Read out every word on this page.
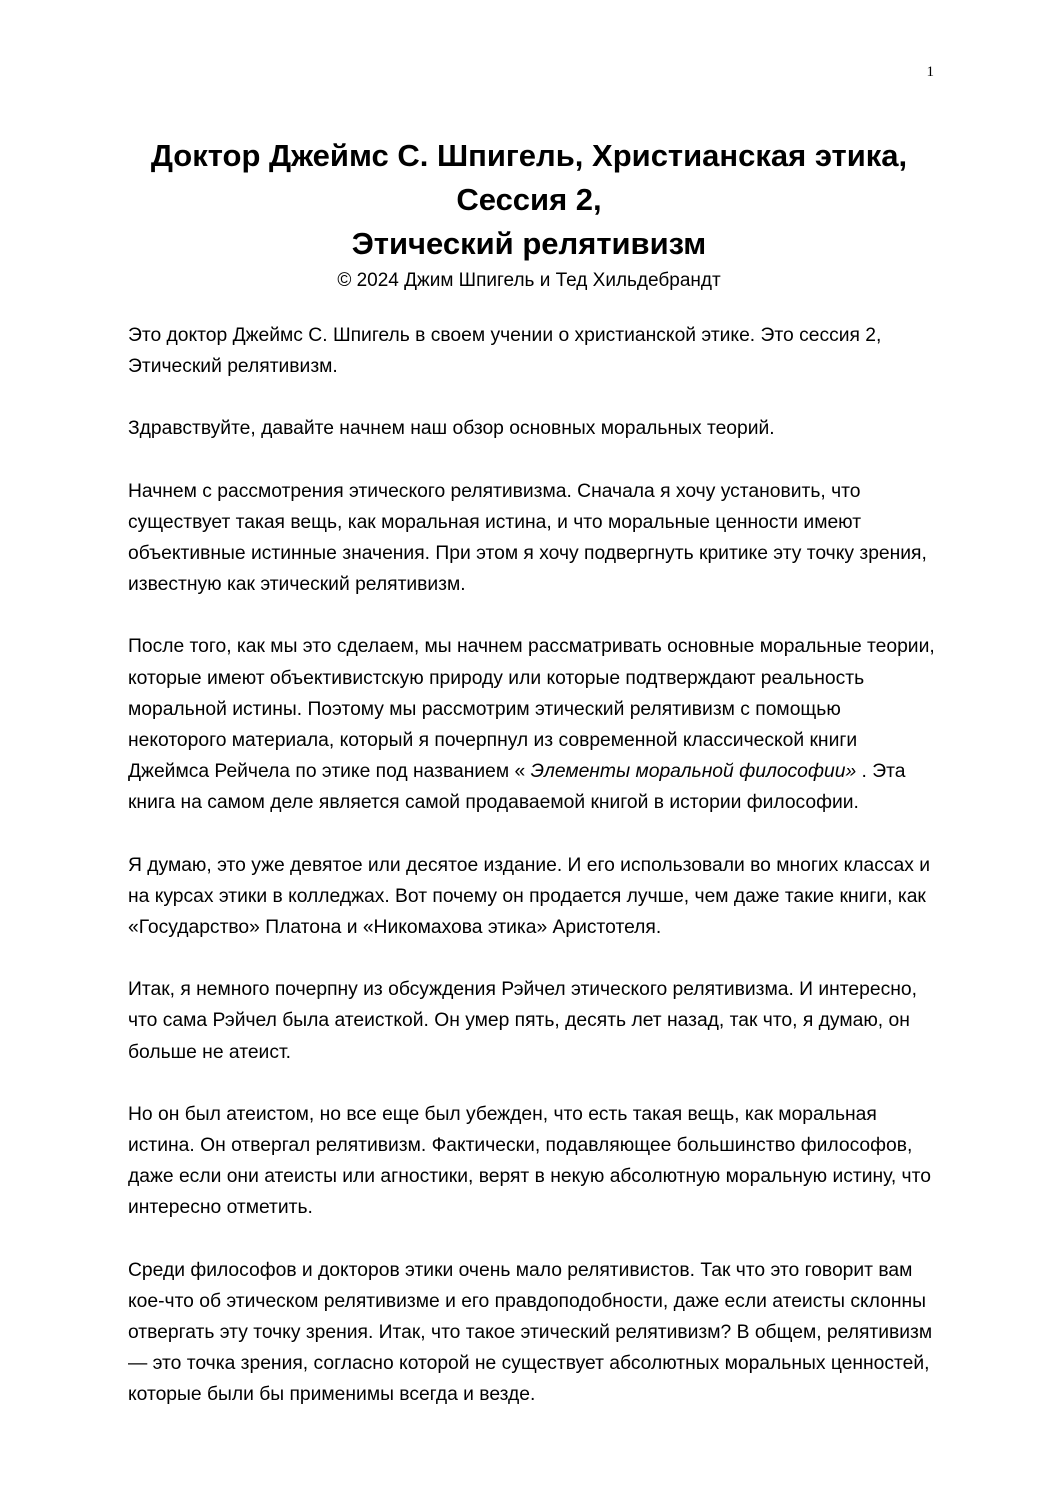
1
Доктор Джеймс С. Шпигель, Христианская этика,
Сессия 2,
Этический релятивизм
© 2024 Джим Шпигель и Тед Хильдебрандт

Это доктор Джеймс С. Шпигель в своем учении о христианской этике. Это сессия 2, Этический релятивизм.

Здравствуйте, давайте начнем наш обзор основных моральных теорий.

Начнем с рассмотрения этического релятивизма. Сначала я хочу установить, что существует такая вещь, как моральная истина, и что моральные ценности имеют объективные истинные значения. При этом я хочу подвергнуть критике эту точку зрения, известную как этический релятивизм.

После того, как мы это сделаем, мы начнем рассматривать основные моральные теории, которые имеют объективистскую природу или которые подтверждают реальность моральной истины. Поэтому мы рассмотрим этический релятивизм с помощью некоторого материала, который я почерпнул из современной классической книги Джеймса Рейчела по этике под названием « Элементы моральной философии» . Эта книга на самом деле является самой продаваемой книгой в истории философии.

Я думаю, это уже девятое или десятое издание. И его использовали во многих классах и на курсах этики в колледжах. Вот почему он продается лучше, чем даже такие книги, как «Государство» Платона и «Никомахова этика» Аристотеля.

Итак, я немного почерпну из обсуждения Рэйчел этического релятивизма. И интересно, что сама Рэйчел была атеисткой. Он умер пять, десять лет назад, так что, я думаю, он больше не атеист.

Но он был атеистом, но все еще был убежден, что есть такая вещь, как моральная истина. Он отвергал релятивизм. Фактически, подавляющее большинство философов, даже если они атеисты или агностики, верят в некую абсолютную моральную истину, что интересно отметить.

Среди философов и докторов этики очень мало релятивистов. Так что это говорит вам кое-что об этическом релятивизме и его правдоподобности, даже если атеисты склонны отвергать эту точку зрения. Итак, что такое этический релятивизм? В общем, релятивизм — это точка зрения, согласно которой не существует абсолютных моральных ценностей, которые были бы применимы всегда и везде.
